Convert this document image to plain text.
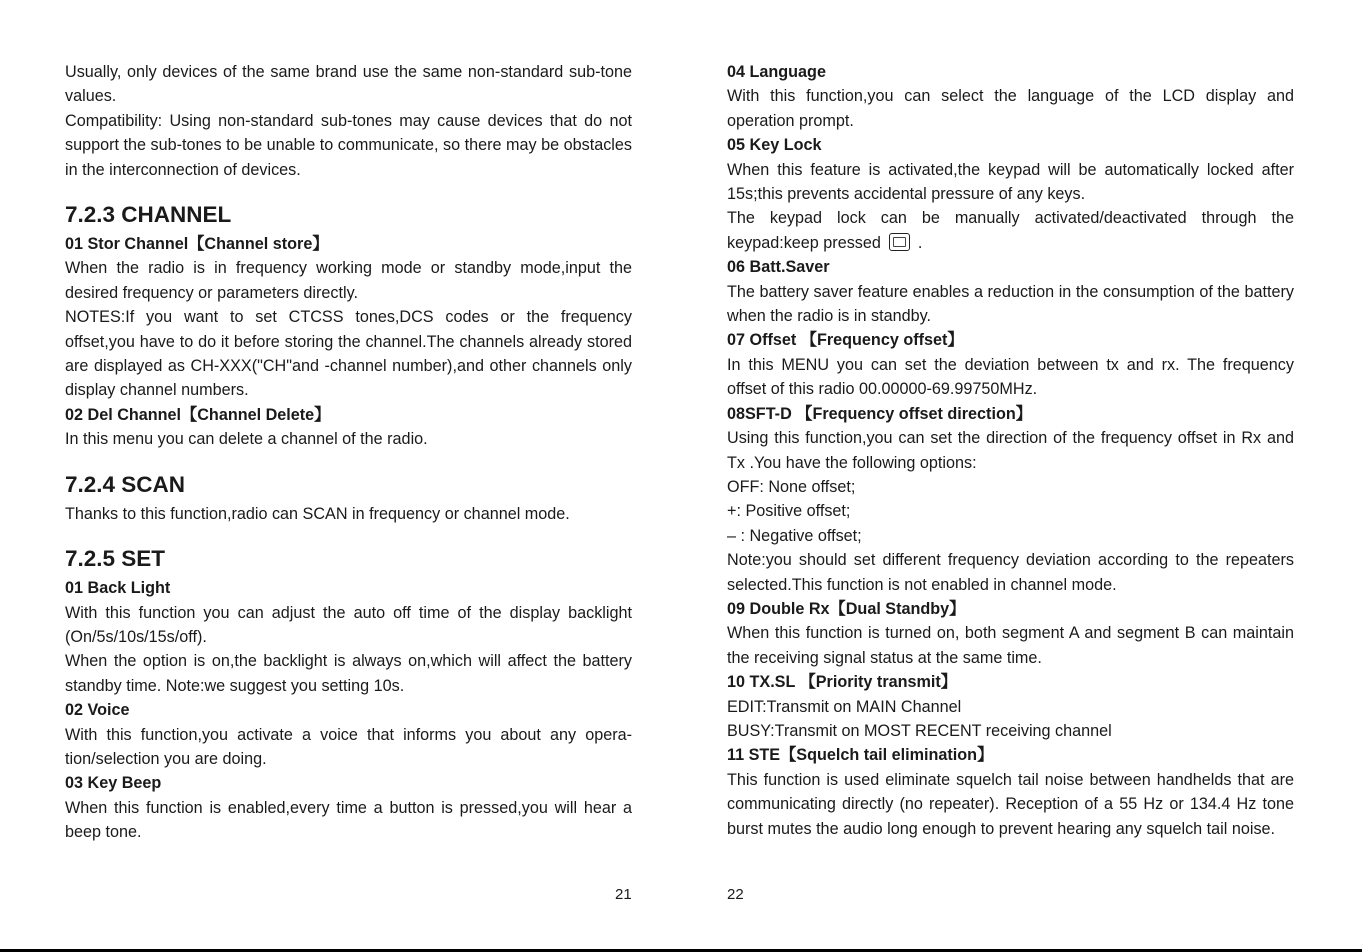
Usually, only devices of the same brand use the same non-standard sub-tone values.

Compatibility: Using non-standard sub-tones may cause devices that do not support the sub-tones to be unable to communicate, so there may be obstacles in the interconnection of devices.

7.2.3 CHANNEL
01 Stor Channel【Channel store】

When the radio is in frequency working mode or standby mode,input the desired frequency or parameters directly.

NOTES:If you want to set CTCSS tones,DCS codes or the frequency offset,you have to do it before storing the channel.The channels already stored are displayed as CH-XXX("CH"and -channel number),and other channels only display channel numbers.

02 Del Channel【Channel Delete】

In this menu you can delete a channel of the radio.

7.2.4 SCAN

Thanks to this function,radio can SCAN in frequency or channel mode.

7.2.5 SET
01 Back Light

With this function you can adjust the auto off time of the display backlight (On/5s/10s/15s/off).

When the option is on,the backlight is always on,which will affect the battery standby time. Note:we suggest you setting 10s.

02 Voice

With this function,you activate a voice that informs you about any opera-tion/selection you are doing.

03 Key Beep

When this function is enabled,every time a button is pressed,you will hear a beep tone.

04 Language

With this function,you can select the language of the LCD display and operation prompt.

05 Key Lock

When this feature is activated,the keypad will be automatically locked after 15s;this prevents accidental pressure of any keys.

The keypad lock can be manually activated/deactivated through the keypad:keep pressed .

06 Batt.Saver

The battery saver feature enables a reduction in the consumption of the battery when the radio is in standby.

07 Offset 【Frequency offset】

In this MENU you can set the deviation between tx and rx. The frequency offset of this radio 00.00000-69.99750MHz.

08SFT-D 【Frequency offset direction】

Using this function,you can set the direction of the frequency offset in Rx and Tx .You have the following options:

OFF: None offset;

+: Positive offset;

– : Negative offset;

Note:you should set different frequency deviation according to the repeaters selected.This function is not enabled in channel mode.

09 Double Rx【Dual Standby】

When this function is turned on, both segment A and segment B can maintain the receiving signal status at the same time.

10 TX.SL 【Priority transmit】

EDIT:Transmit on MAIN Channel

BUSY:Transmit on MOST RECENT receiving channel

11 STE【Squelch tail elimination】

This function is used eliminate squelch tail noise between handhelds that are communicating directly (no repeater). Reception of a 55 Hz or 134.4 Hz tone burst mutes the audio long enough to prevent hearing any squelch tail noise.

21	22
